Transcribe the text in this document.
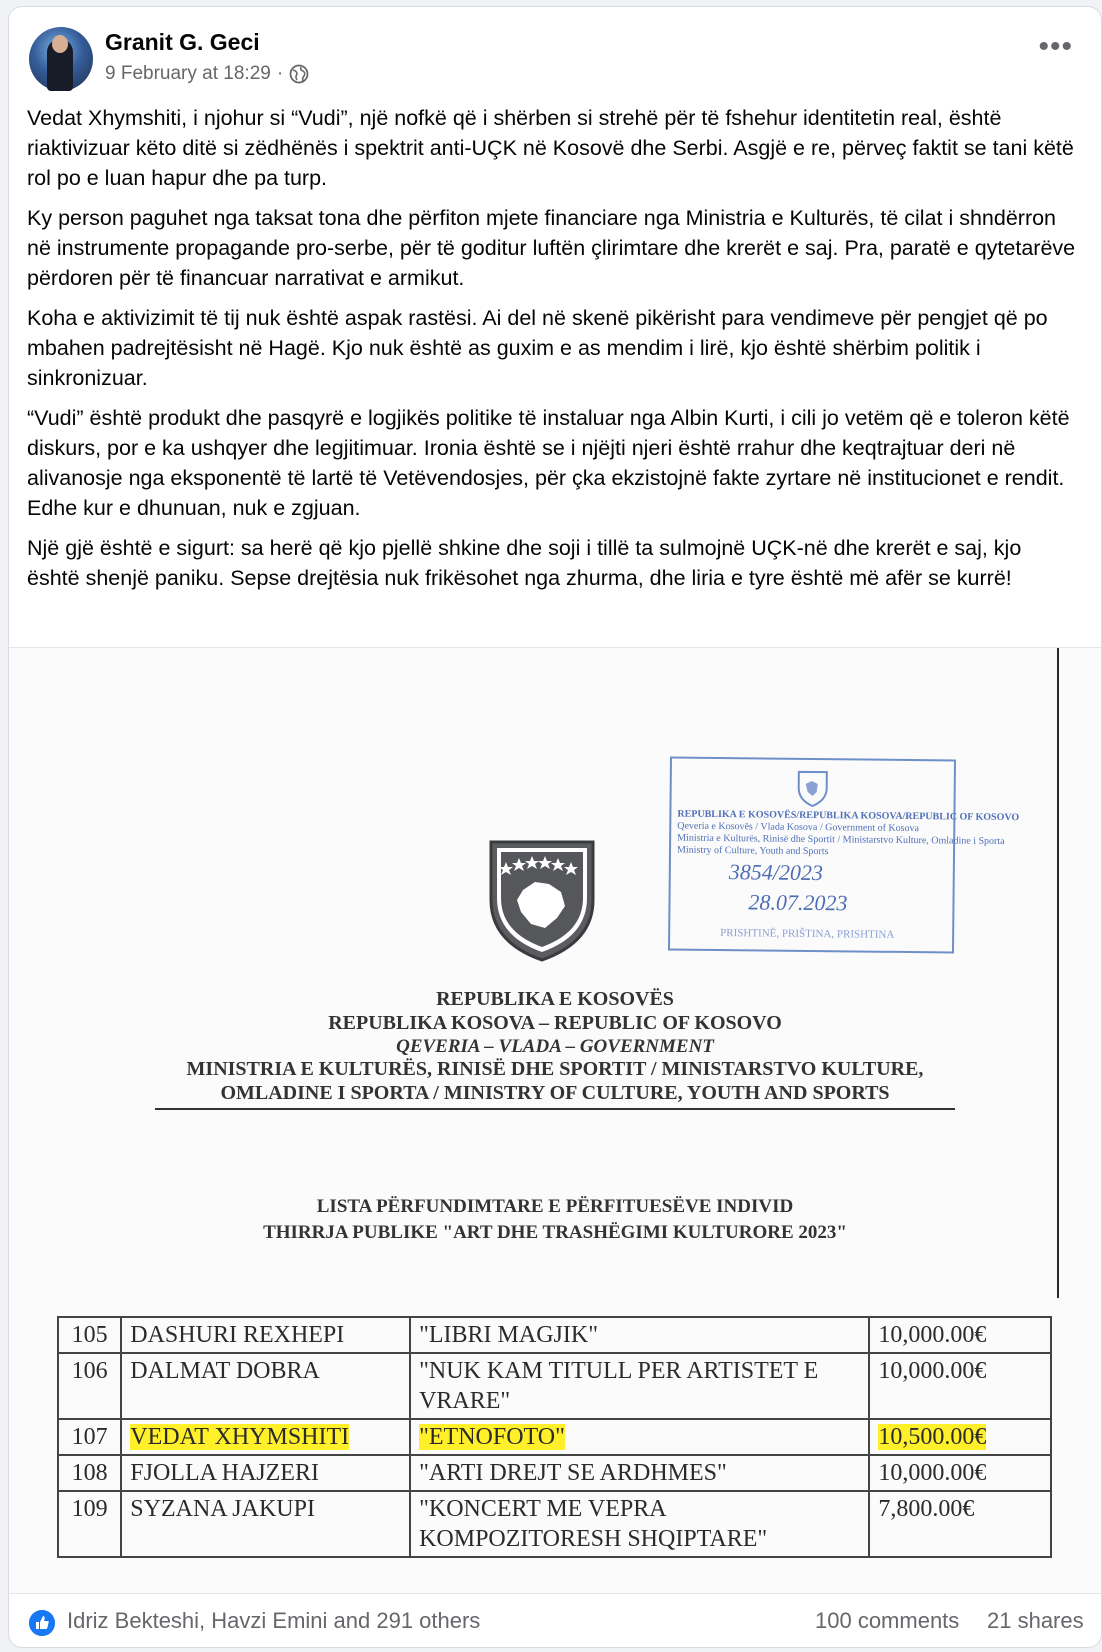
Granit G. Geci
9 February at 18:29 ·
•••

Vedat Xhymshiti, i njohur si “Vudi”, një nofkë që i shërben si strehë për të fshehur identitetin real, është riaktivizuar këto ditë si zëdhënës i spektrit anti-UÇK në Kosovë dhe Serbi. Asgjë e re, përveç faktit se tani këtë rol po e luan hapur dhe pa turp.

Ky person paguhet nga taksat tona dhe përfiton mjete financiare nga Ministria e Kulturës, të cilat i shndërron në instrumente propagande pro-serbe, për të goditur luftën çlirimtare dhe krerët e saj. Pra, paratë e qytetarëve përdoren për të financuar narrativat e armikut.

Koha e aktivizimit të tij nuk është aspak rastësi. Ai del në skenë pikërisht para vendimeve për pengjet që po mbahen padrejtësisht në Hagë. Kjo nuk është as guxim e as mendim i lirë, kjo është shërbim politik i sinkronizuar.

“Vudi” është produkt dhe pasqyrë e logjikës politike të instaluar nga Albin Kurti, i cili jo vetëm që e toleron këtë diskurs, por e ka ushqyer dhe legjitimuar. Ironia është se i njëjti njeri është rrahur dhe keqtrajtuar deri në alivanosje nga eksponentë të lartë të Vetëvendosjes, për çka ekzistojnë fakte zyrtare në institucionet e rendit. Edhe kur e dhunuan, nuk e zgjuan.

Një gjë është e sigurt: sa herë që kjo pjellë shkine dhe soji i tillë ta sulmojnë UÇK-në dhe krerët e saj, kjo është shenjë paniku. Sepse drejtësia nuk frikësohet nga zhurma, dhe liria e tyre është më afër se kurrë!

REPUBLIKA E KOSOVËS/REPUBLIKA KOSOVA/REPUBLIC OF KOSOVO
Qeveria e Kosovës / Vlada Kosova / Government of Kosova
Ministria e Kulturës, Rinisë dhe Sportit / Ministarstvo Kulture, Omladine i Sporta
Ministry of Culture, Youth and Sports
3854/2023
28.07.2023
PRISHTINË, PRIŠTINA, PRISHTINA
REPUBLIKA E KOSOVËS
REPUBLIKA KOSOVA – REPUBLIC OF KOSOVO
QEVERIA – VLADA – GOVERNMENT
MINISTRIA E KULTURËS, RINISË DHE SPORTIT / MINISTARSTVO KULTURE,
OMLADINE I SPORTA / MINISTRY OF CULTURE, YOUTH AND SPORTS
LISTA PËRFUNDIMTARE E PËRFITUESËVE INDIVID
THIRRJA PUBLIKE "ART DHE TRASHËGIMI KULTURORE 2023"
105	DASHURI REXHEPI	"LIBRI MAGJIK"	10,000.00€
106	DALMAT DOBRA	"NUK KAM TITULL PER ARTISTET E VRARE"	10,000.00€
107	VEDAT XHYMSHITI	"ETNOFOTO"	10,500.00€
108	FJOLLA HAJZERI	"ARTI DREJT SE ARDHMES"	10,000.00€
109	SYZANA JAKUPI	"KONCERT ME VEPRA KOMPOZITORESH SHQIPTARE"	7,800.00€
Idriz Bekteshi, Havzi Emini and 291 others	100 comments 21 shares
